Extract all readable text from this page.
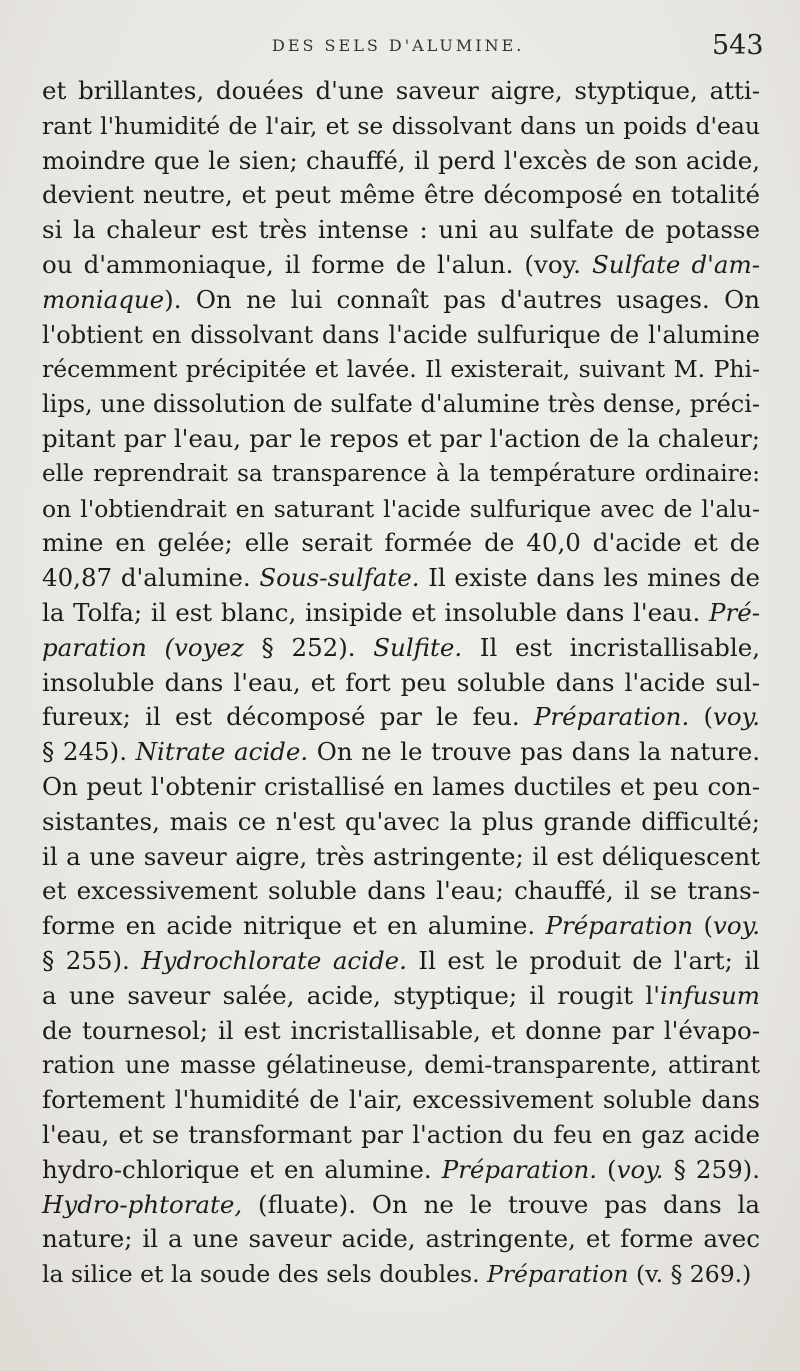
DES SELS D'ALUMINE.	543
et brillantes, douées d'une saveur aigre, styptique, atti-
rant l'humidité de l'air, et se dissolvant dans un poids d'eau
moindre que le sien; chauffé, il perd l'excès de son acide,
devient neutre, et peut même être décomposé en totalité
si la chaleur est très intense : uni au sulfate de potasse
ou d'ammoniaque, il forme de l'alun. (voy. Sulfate d'am-
moniaque). On ne lui connaît pas d'autres usages. On
l'obtient en dissolvant dans l'acide sulfurique de l'alumine
récemment précipitée et lavée. Il existerait, suivant M. Phi-
lips, une dissolution de sulfate d'alumine très dense, préci-
pitant par l'eau, par le repos et par l'action de la chaleur;
elle reprendrait sa transparence à la température ordinaire:
on l'obtiendrait en saturant l'acide sulfurique avec de l'alu-
mine en gelée; elle serait formée de 40,0 d'acide et de
40,87 d'alumine. Sous-sulfate. Il existe dans les mines de
la Tolfa; il est blanc, insipide et insoluble dans l'eau. Pré-
paration (voyez § 252). Sulfite. Il est incristallisable,
insoluble dans l'eau, et fort peu soluble dans l'acide sul-
fureux; il est décomposé par le feu. Préparation. (voy.
§ 245). Nitrate acide. On ne le trouve pas dans la nature.
On peut l'obtenir cristallisé en lames ductiles et peu con-
sistantes, mais ce n'est qu'avec la plus grande difficulté;
il a une saveur aigre, très astringente; il est déliquescent
et excessivement soluble dans l'eau; chauffé, il se trans-
forme en acide nitrique et en alumine. Préparation (voy.
§ 255). Hydrochlorate acide. Il est le produit de l'art; il
a une saveur salée, acide, styptique; il rougit l'infusum
de tournesol; il est incristallisable, et donne par l'évapo-
ration une masse gélatineuse, demi-transparente, attirant
fortement l'humidité de l'air, excessivement soluble dans
l'eau, et se transformant par l'action du feu en gaz acide
hydro-chlorique et en alumine. Préparation. (voy. § 259).
Hydro-phtorate, (fluate). On ne le trouve pas dans la
nature; il a une saveur acide, astringente, et forme avec
la silice et la soude des sels doubles. Préparation (v. § 269.)
